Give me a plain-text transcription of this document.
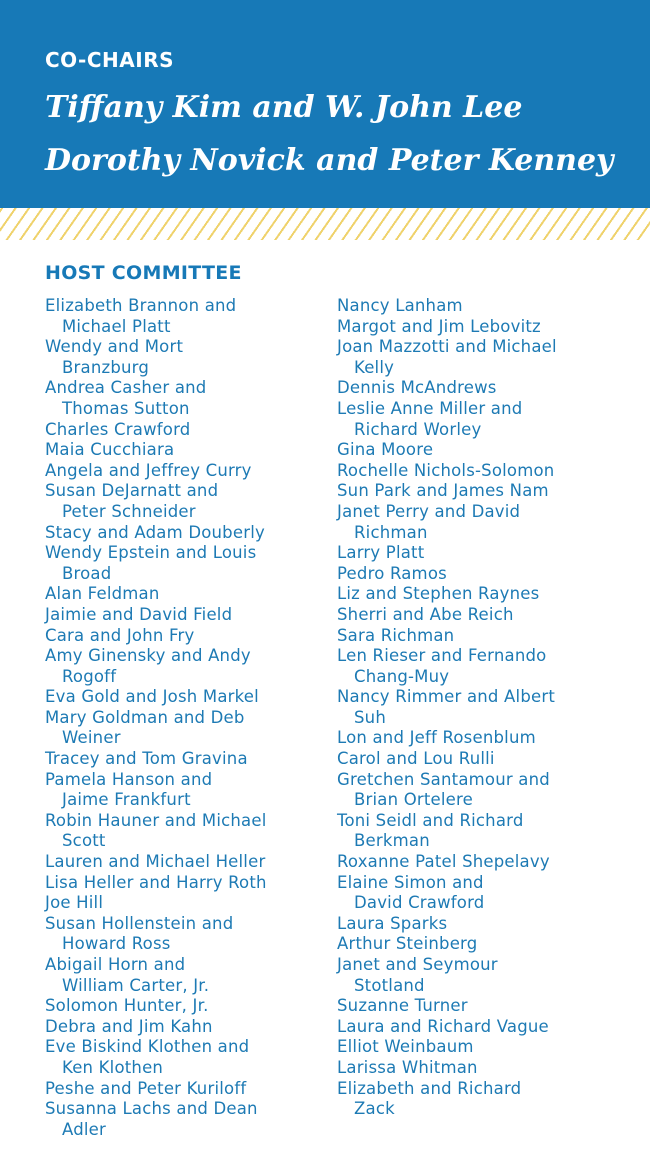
CO-CHAIRS
Tiffany Kim and W. John Lee
Dorothy Novick and Peter Kenney
HOST COMMITTEE
Elizabeth Brannon and
Michael Platt
Wendy and Mort
Branzburg
Andrea Casher and
Thomas Sutton
Charles Crawford
Maia Cucchiara
Angela and Jeffrey Curry
Susan DeJarnatt and
Peter Schneider
Stacy and Adam Douberly
Wendy Epstein and Louis
Broad
Alan Feldman
Jaimie and David Field
Cara and John Fry
Amy Ginensky and Andy
Rogoff
Eva Gold and Josh Markel
Mary Goldman and Deb
Weiner
Tracey and Tom Gravina
Pamela Hanson and
Jaime Frankfurt
Robin Hauner and Michael
Scott
Lauren and Michael Heller
Lisa Heller and Harry Roth
Joe Hill
Susan Hollenstein and
Howard Ross
Abigail Horn and
William Carter, Jr.
Solomon Hunter, Jr.
Debra and Jim Kahn
Eve Biskind Klothen and
Ken Klothen
Peshe and Peter Kuriloff
Susanna Lachs and Dean
Adler
Nancy Lanham
Margot and Jim Lebovitz
Joan Mazzotti and Michael
Kelly
Dennis McAndrews
Leslie Anne Miller and
Richard Worley
Gina Moore
Rochelle Nichols-Solomon
Sun Park and James Nam
Janet Perry and David
Richman
Larry Platt
Pedro Ramos
Liz and Stephen Raynes
Sherri and Abe Reich
Sara Richman
Len Rieser and Fernando
Chang-Muy
Nancy Rimmer and Albert
Suh
Lon and Jeff Rosenblum
Carol and Lou Rulli
Gretchen Santamour and
Brian Ortelere
Toni Seidl and Richard
Berkman
Roxanne Patel Shepelavy
Elaine Simon and
David Crawford
Laura Sparks
Arthur Steinberg
Janet and Seymour
Stotland
Suzanne Turner
Laura and Richard Vague
Elliot Weinbaum
Larissa Whitman
Elizabeth and Richard
Zack
